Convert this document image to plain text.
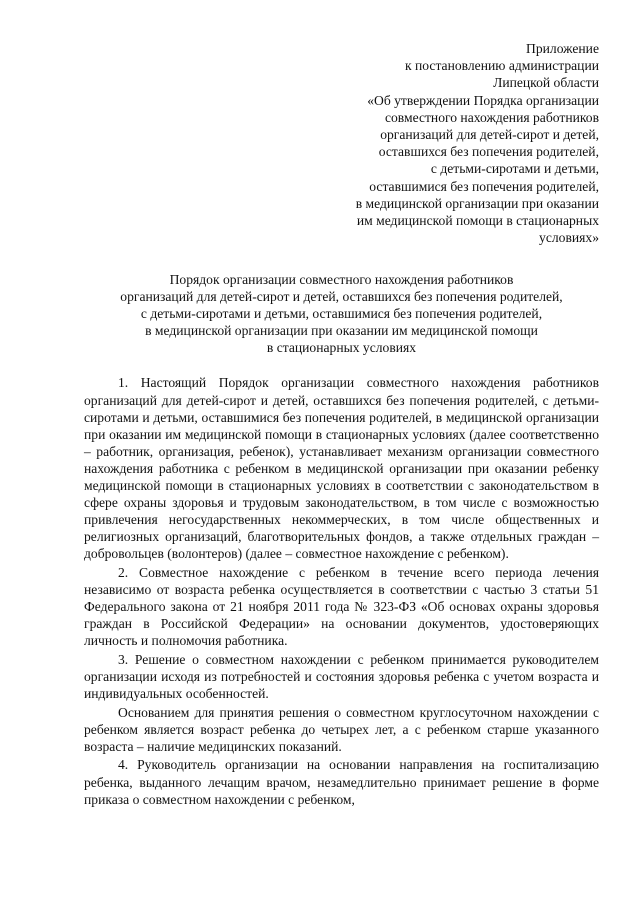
Приложение
к постановлению администрации
Липецкой области
«Об утверждении Порядка организации
совместного нахождения работников
организаций для детей-сирот и детей,
оставшихся без попечения родителей,
с детьми-сиротами и детьми,
оставшимися без попечения родителей,
в медицинской организации при оказании
им медицинской помощи в стационарных
условиях»
Порядок организации совместного нахождения работников
организаций для детей-сирот и детей, оставшихся без попечения родителей,
с детьми-сиротами и детьми, оставшимися без попечения родителей,
в медицинской организации при оказании им медицинской помощи
в стационарных условиях

1. Настоящий Порядок организации совместного нахождения работников организаций для детей-сирот и детей, оставшихся без попечения родителей, с детьми-сиротами и детьми, оставшимися без попечения родителей, в медицинской организации при оказании им медицинской помощи в стационарных условиях (далее соответственно – работник, организация, ребенок), устанавливает механизм организации совместного нахождения работника с ребенком в медицинской организации при оказании ребенку медицинской помощи в стационарных условиях в соответствии с законодательством в сфере охраны здоровья и трудовым законодательством, в том числе с возможностью привлечения негосударственных некоммерческих, в том числе общественных и религиозных организаций, благотворительных фондов, а также отдельных граждан – добровольцев (волонтеров) (далее – совместное нахождение с ребенком).

2. Совместное нахождение с ребенком в течение всего периода лечения независимо от возраста ребенка осуществляется в соответствии с частью 3 статьи 51 Федерального закона от 21 ноября 2011 года № 323-ФЗ «Об основах охраны здоровья граждан в Российской Федерации» на основании документов, удостоверяющих личность и полномочия работника.

3. Решение о совместном нахождении с ребенком принимается руководителем организации исходя из потребностей и состояния здоровья ребенка с учетом возраста и индивидуальных особенностей.

Основанием для принятия решения о совместном круглосуточном нахождении с ребенком является возраст ребенка до четырех лет, а с ребенком старше указанного возраста – наличие медицинских показаний.

4. Руководитель организации на основании направления на госпитализацию ребенка, выданного лечащим врачом, незамедлительно принимает решение в форме приказа о совместном нахождении с ребенком,
